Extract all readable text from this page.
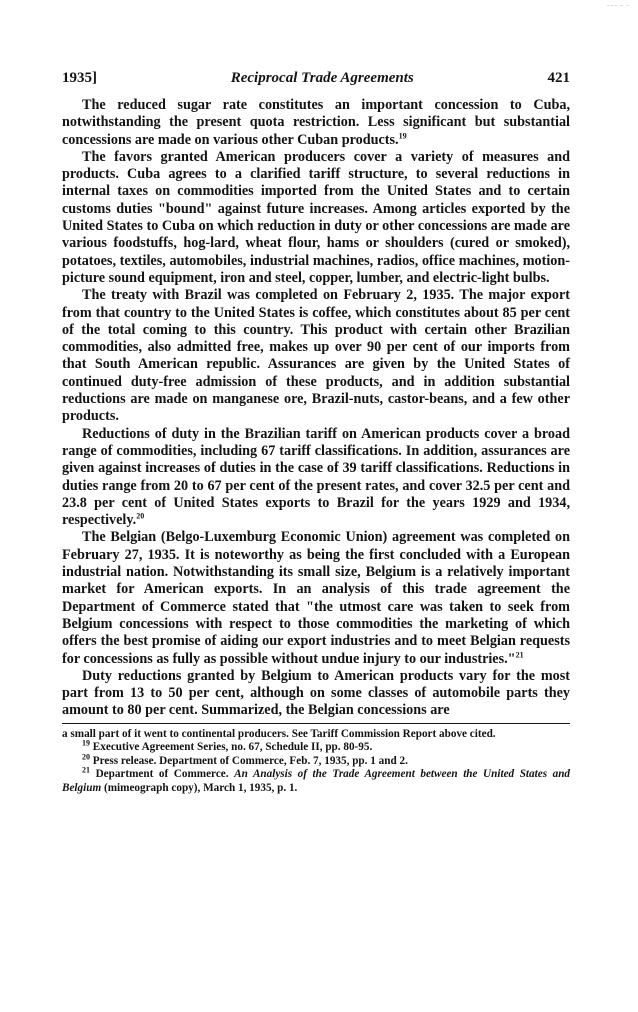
~~~ ~ ~
1935]	Reciprocal Trade Agreements	421

The reduced sugar rate constitutes an important concession to Cuba, notwithstanding the present quota restriction. Less significant but substantial concessions are made on various other Cuban products.$^{19}$

The favors granted American producers cover a variety of measures and products. Cuba agrees to a clarified tariff structure, to several reductions in internal taxes on commodities imported from the United States and to certain customs duties "bound" against future increases. Among articles exported by the United States to Cuba on which reduction in duty or other concessions are made are various foodstuffs, hog-lard, wheat flour, hams or shoulders (cured or smoked), potatoes, textiles, automobiles, industrial machines, radios, office machines, motion-picture sound equipment, iron and steel, copper, lumber, and electric-light bulbs.

The treaty with Brazil was completed on February 2, 1935. The major export from that country to the United States is coffee, which constitutes about 85 per cent of the total coming to this country. This product with certain other Brazilian commodities, also admitted free, makes up over 90 per cent of our imports from that South American republic. Assurances are given by the United States of continued duty-free admission of these products, and in addition substantial reductions are made on manganese ore, Brazil-nuts, castor-beans, and a few other products.

Reductions of duty in the Brazilian tariff on American products cover a broad range of commodities, including 67 tariff classifications. In addition, assurances are given against increases of duties in the case of 39 tariff classifications. Reductions in duties range from 20 to 67 per cent of the present rates, and cover 32.5 per cent and 23.8 per cent of United States exports to Brazil for the years 1929 and 1934, respectively.$^{20}$

The Belgian (Belgo-Luxemburg Economic Union) agreement was completed on February 27, 1935. It is noteworthy as being the first concluded with a European industrial nation. Notwithstanding its small size, Belgium is a relatively important market for American exports. In an analysis of this trade agreement the Department of Commerce stated that "the utmost care was taken to seek from Belgium concessions with respect to those commodities the marketing of which offers the best promise of aiding our export industries and to meet Belgian requests for concessions as fully as possible without undue injury to our industries."$^{21}$

Duty reductions granted by Belgium to American products vary for the most part from 13 to 50 per cent, although on some classes of automobile parts they amount to 80 per cent. Summarized, the Belgian concessions are

a small part of it went to continental producers. See Tariff Commission Report above cited.

$^{19}$ Executive Agreement Series, no. 67, Schedule II, pp. 80-95.

$^{20}$ Press release. Department of Commerce, Feb. 7, 1935, pp. 1 and 2.

$^{21}$ Department of Commerce. An Analysis of the Trade Agreement between the United States and Belgium (mimeograph copy), March 1, 1935, p. 1.
